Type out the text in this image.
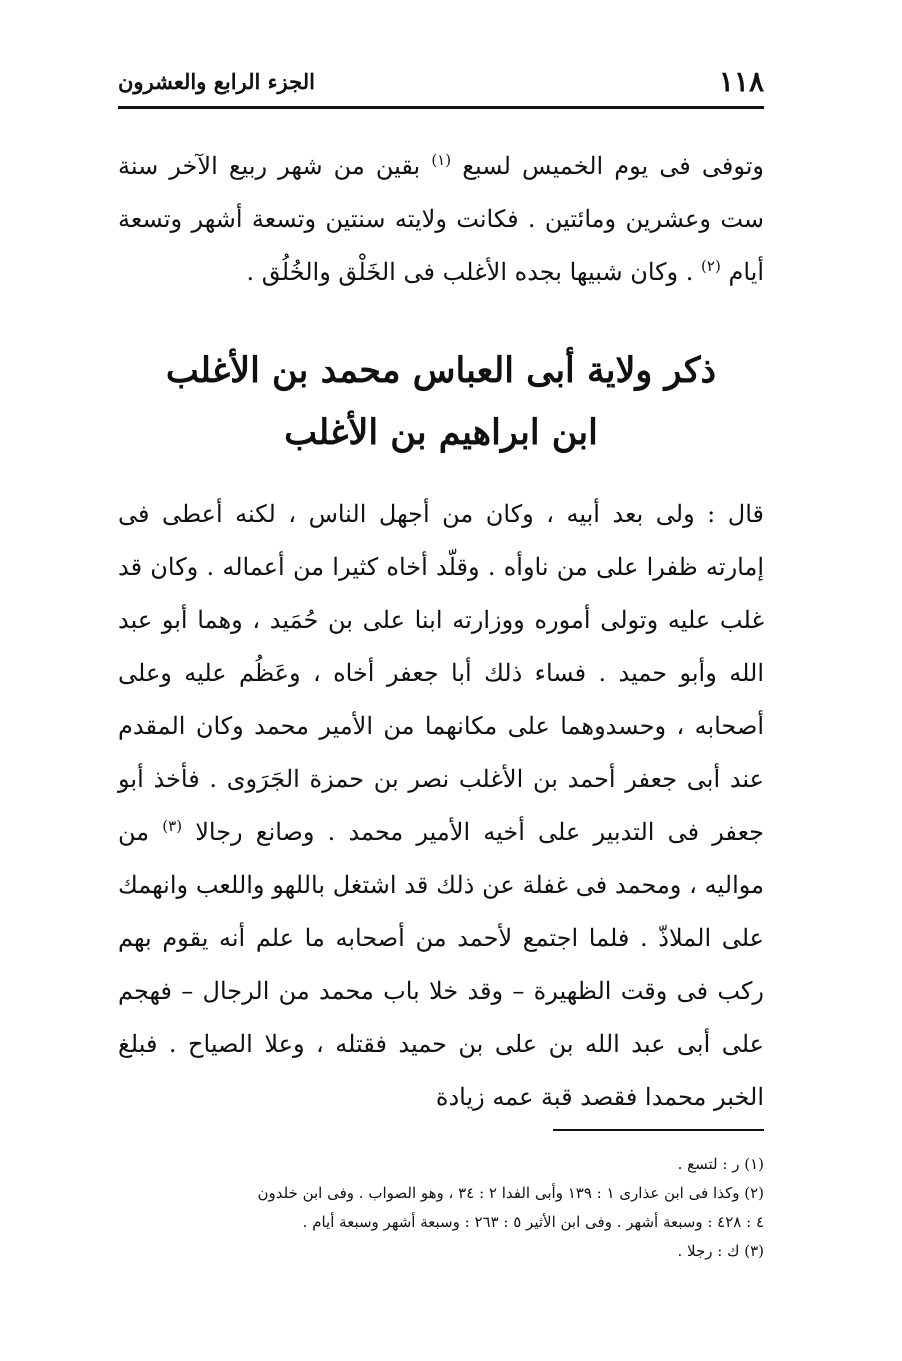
١١٨
الجزء الرابع والعشرون

وتوفى فى يوم الخميس لسبع $^{(١)}$ بقين من شهر ربيع الآخر سنة ست وعشرين ومائتين . فكانت ولايته سنتين وتسعة أشهر وتسعة أيام $^{(٢)}$ . وكان شبيها بجده الأغلب فى الخَلْق والخُلُق .

ذكر ولاية أبى العباس محمد بن الأغلب
ابن ابراهيم بن الأغلب

قال : ولى بعد أبيه ، وكان من أجهل الناس ، لكنه أعطى فى إمارته ظفرا على من ناوأه . وقلّد أخاه كثيرا من أعماله . وكان قد غلب عليه وتولى أموره ووزارته ابنا على بن حُمَيد ، وهما أبو عبد الله وأبو حميد . فساء ذلك أبا جعفر أخاه ، وعَظُم عليه وعلى أصحابه ، وحسدوهما على مكانهما من الأمير محمد وكان المقدم عند أبى جعفر أحمد بن الأغلب نصر بن حمزة الجَرَوى . فأخذ أبو جعفر فى التدبير على أخيه الأمير محمد . وصانع رجالا $^{(٣)}$ من مواليه ، ومحمد فى غفلة عن ذلك قد اشتغل باللهو واللعب وانهمك على الملاذّ . فلما اجتمع لأحمد من أصحابه ما علم أنه يقوم بهم ركب فى وقت الظهيرة – وقد خلا باب محمد من الرجال – فهجم على أبى عبد الله بن على بن حميد فقتله ، وعلا الصياح . فبلغ الخبر محمدا فقصد قبة عمه زيادة

(١) ر : لتسع .

(٢) وكذا فى ابن عذارى ١ : ١٣٩ وأبى الفدا ٢ : ٣٤ ، وهو الصواب . وفى ابن خلدون

٤ : ٤٢٨ : وسبعة أشهر . وفى ابن الأثير ٥ : ٢٦٣ : وسبعة أشهر وسبعة أيام .

(٣) ك : رجلا .
